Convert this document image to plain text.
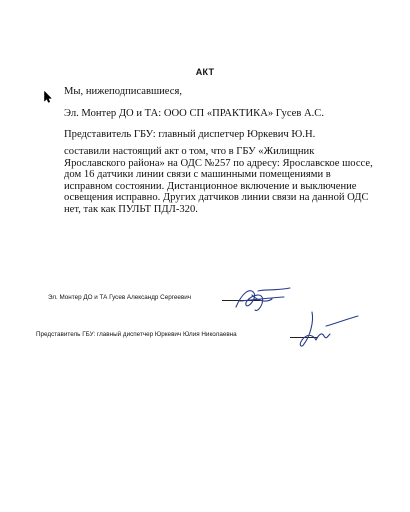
АКТ
Мы, нижеподписавшиеся,
Эл. Монтер ДО и ТА: ООО СП «ПРАКТИКА» Гусев А.С.
Представитель ГБУ: главный диспетчер Юркевич Ю.Н.
составили настоящий акт о том, что в ГБУ «Жилищник
Ярославского района» на ОДС №257 по адресу: Ярославское шоссе,
дом 16 датчики линии связи с машинными помещениями в
исправном состоянии. Дистанционное включение и выключение
освещения исправно. Другиx датчиков линии связи на данной ОДС
нет, так как ПУЛЬТ ПДЛ-320.
Эл. Монтер ДО и ТА Гусев Александр Сергеевич
Представитель ГБУ: главный диспетчер Юркевич Юлия Николаевна
